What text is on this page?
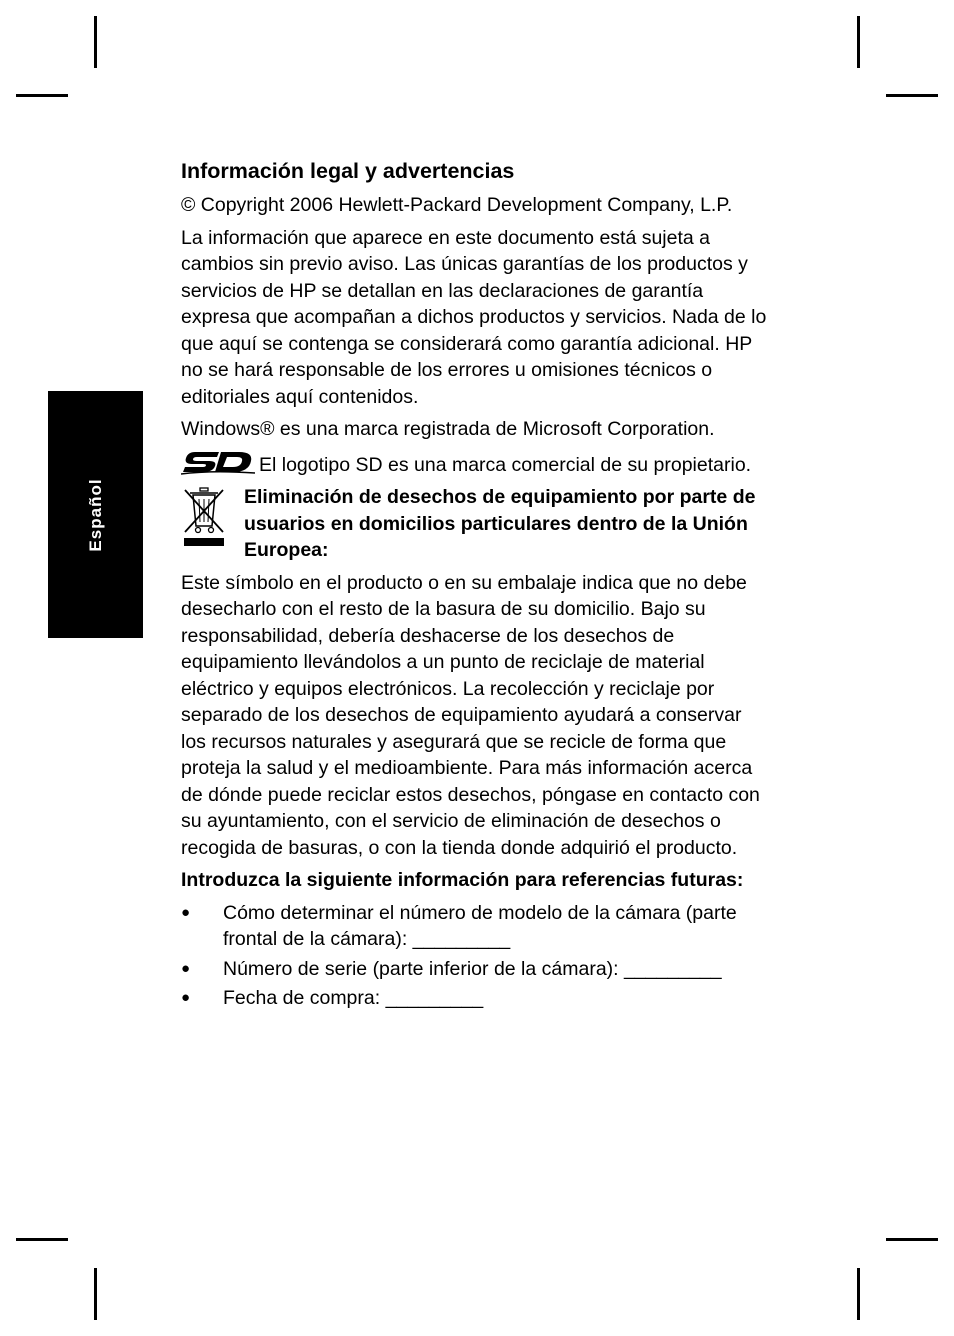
Español
Información legal y advertencias

© Copyright 2006 Hewlett-Packard Development Company, L.P.

La información que aparece en este documento está sujeta a cambios sin previo aviso. Las únicas garantías de los productos y servicios de HP se detallan en las declaraciones de garantía expresa que acompañan a dichos productos y servicios. Nada de lo que aquí se contenga se considerará como garantía adicional. HP no se hará responsable de los errores u omisiones técnicos o editoriales aquí contenidos.

Windows® es una marca registrada de Microsoft Corporation.

El logotipo SD es una marca comercial de su propietario.

Eliminación de desechos de equipamiento por parte de usuarios en domicilios particulares dentro de la Unión Europea:

Este símbolo en el producto o en su embalaje indica que no debe desecharlo con el resto de la basura de su domicilio. Bajo su responsabilidad, debería deshacerse de los desechos de equipamiento llevándolos a un punto de reciclaje de material eléctrico y equipos electrónicos. La recolección y reciclaje por separado de los desechos de equipamiento ayudará a conservar los recursos naturales y asegurará que se recicle de forma que proteja la salud y el medioambiente. Para más información acerca de dónde puede reciclar estos desechos, póngase en contacto con su ayuntamiento, con el servicio de eliminación de desechos o recogida de basuras, o con la tienda donde adquirió el producto.

Introduzca la siguiente información para referencias futuras:

● Cómo determinar el número de modelo de la cámara (parte frontal de la cámara): _________
● Número de serie (parte inferior de la cámara): _________
● Fecha de compra: _________
